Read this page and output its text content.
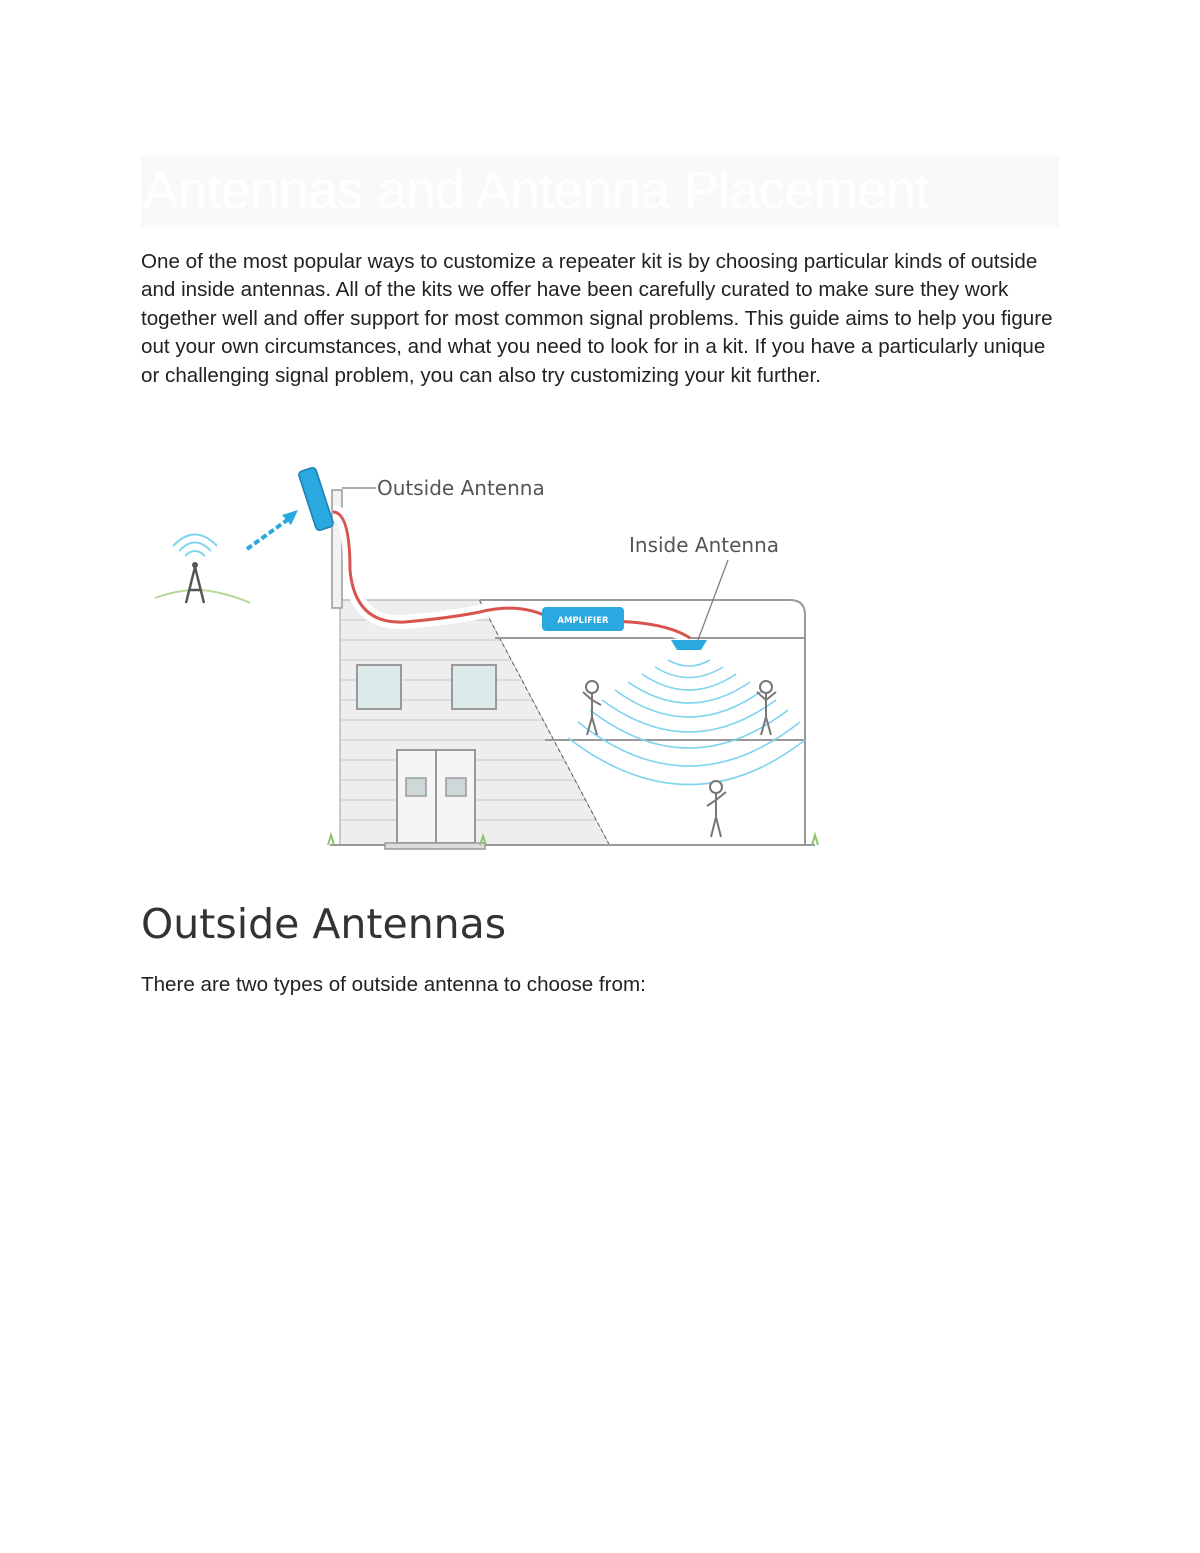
Antennas and Antenna Placement

One of the most popular ways to customize a repeater kit is by choosing particular kinds of outside and inside antennas. All of the kits we offer have been carefully curated to make sure they work together well and offer support for most common signal problems. This guide aims to help you figure out your own circumstances, and what you need to look for in a kit. If you have a particularly unique or challenging signal problem, you can also try customizing your kit further.

AMPLIFIER
Outside Antenna
Inside Antenna
Outside Antennas

There are two types of outside antenna to choose from:
